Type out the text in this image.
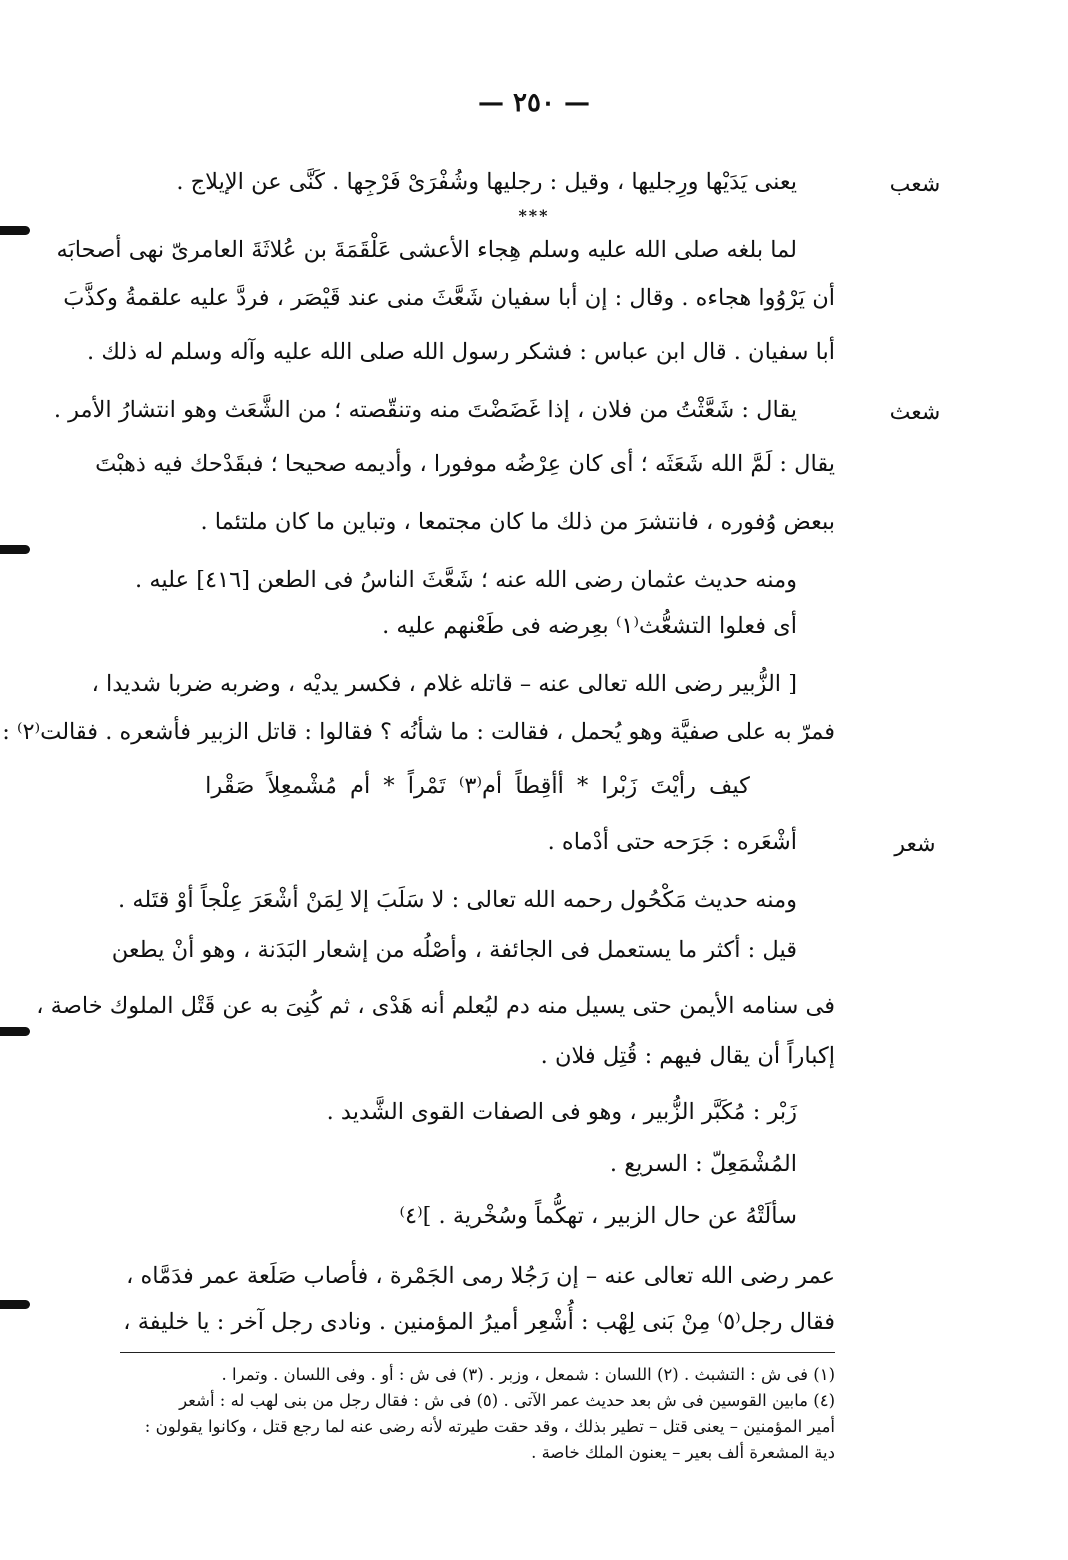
— ٢٥٠ —
شعب
شعث
شعر
***
يعنى يَدَيْها ورِجليها ، وقيل : رجليها وشُفْرَىْ فَرْجِها . كَنَّى عن الإيلاج .
لما بلغه صلى الله عليه وسلم هِجاء الأعشى عَلْقَمَةَ بن عُلاثَةَ العامرىّ نهى أصحابَه
أن يَرْوُوا هجاءه . وقال : إن أبا سفيان شَعَّثَ منى عند قَيْصَر ، فردَّ عليه علقمةُ وكذَّبَ
أبا سفيان . قال ابن عباس : فشكر رسول الله صلى الله عليه وآله وسلم له ذلك .
يقال : شَعَّثْتُ من فلان ، إذا غَضَضْتَ منه وتنقّصته ؛ من الشَّعَث وهو انتشارُ الأمر .
يقال : لَمَّ الله شَعَثَه ؛ أى كان عِرْضُه موفورا ، وأديمه صحيحا ؛ فبقَدْحك فيه ذهبْتَ
ببعض وُفوره ، فانتشرَ من ذلك ما كان مجتمعا ، وتباين ما كان ملتئما .
ومنه حديث عثمان رضى الله عنه ؛ شَعَّثَ الناسُ فى الطعن [٤١٦] عليه .
أى فعلوا التشعُّث⁽١⁾ بعِرضه فى طَعْنهم عليه .
[ الزُّبير رضى الله تعالى عنه – قاتله غلام ، فكسر يديْه ، وضربه ضربا شديدا ،
فمرّ به على صفيَّة وهو يُحمل ، فقالت : ما شأنُه ؟ فقالوا : قاتل الزبير فأشعره . فقالت⁽٢⁾ :
كيف رأيْتَ زَبْرا * أأقِطاً أم⁽٣⁾ تَمْراً * أم مُشْمعِلاً صَقْرا
أشْعَره : جَرَحه حتى أدْماه .
ومنه حديث مَكْحُول رحمه الله تعالى : لا سَلَبَ إلا لِمَنْ أشْعَرَ عِلْجاً أوْ قتَله .
قيل : أكثر ما يستعمل فى الجائفة ، وأصْلُه من إشعار البَدَنة ، وهو أنْ يطعن
فى سنامه الأيمن حتى يسيل منه دم ليُعلم أنه هَدْى ، ثم كُنِىَ به عن قَتْل الملوك خاصة ،
إكباراً أن يقال فيهم : قُتِل فلان .
زَبْر : مُكَبَّر الزُّبير ، وهو فى الصفات القوى الشَّديد .
المُشْمَعِلّ : السريع .
سألَتْهُ عن حال الزبير ، تهكُّماً وسُخْرية . ]⁽٤⁾
عمر رضى الله تعالى عنه – إن رَجُلا رمى الجَمْرة ، فأصاب صَلَعة عمر فدَمَّاه ،
فقال رجل⁽٥⁾ مِنْ بَنى لِهْب : أُشْعِر أميرُ المؤمنين . ونادى رجل آخر : يا خليفة ،
(١) فى ش : التشبث . (٢) اللسان : شمعل ، وزبر . (٣) فى ش : أو . وفى اللسان . وتمرا .
(٤) مابين القوسين فى ش بعد حديث عمر الآتى . (٥) فى ش : فقال رجل من بنى لهب له : أشعر
أمير المؤمنين – يعنى قتل – تطير بذلك ، وقد حقت طيرته لأنه رضى عنه لما رجع قتل ، وكانوا يقولون :
دية المشعرة ألف بعير – يعنون الملك خاصة .
